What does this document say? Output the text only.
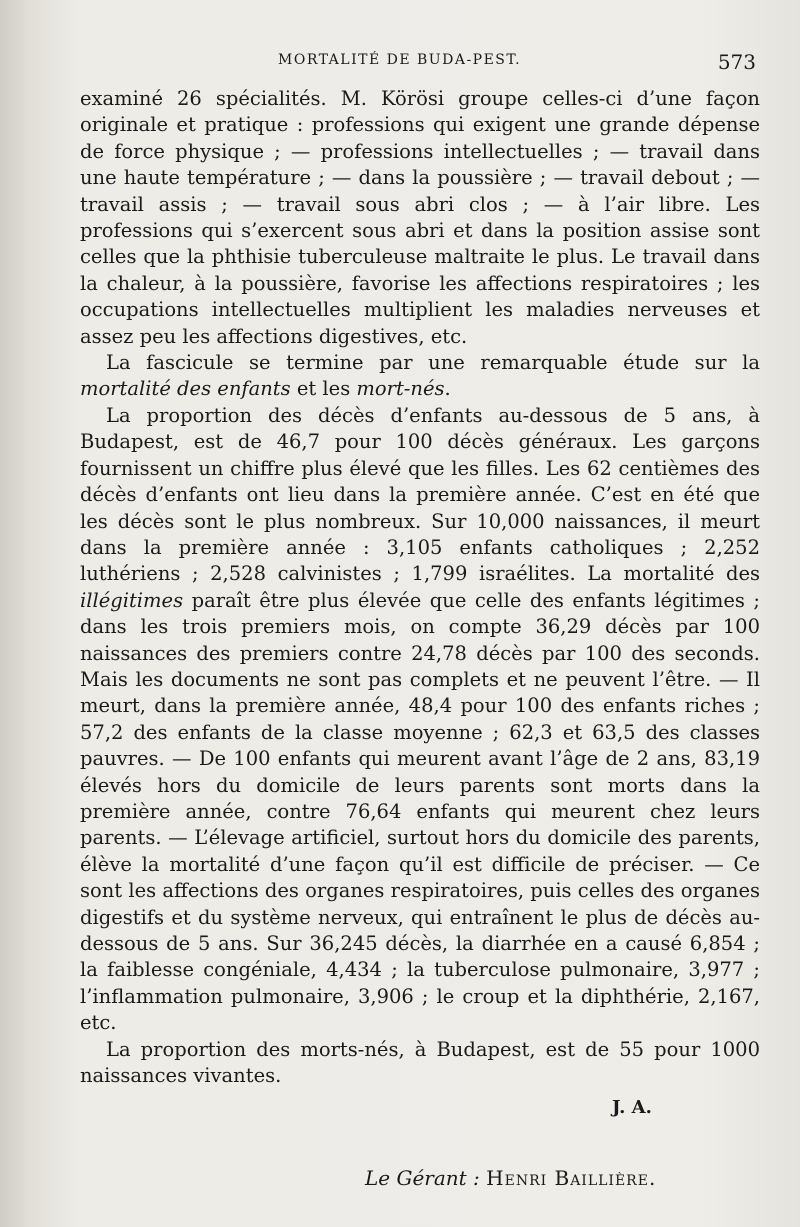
MORTALITÉ DE BUDA-PEST.	573

examiné 26 spécialités. M. Körösi groupe celles-ci d’une façon originale et pratique : professions qui exigent une grande dépense de force physique ; — professions intellectuelles ; — travail dans une haute température ; — dans la poussière ; — travail debout ; — travail assis ; — travail sous abri clos ; — à l’air libre. Les professions qui s’exercent sous abri et dans la position assise sont celles que la phthisie tuberculeuse maltraite le plus. Le travail dans la chaleur, à la poussière, favorise les affections respiratoires ; les occupations intellectuelles multiplient les maladies nerveuses et assez peu les affections digestives, etc.

La fascicule se termine par une remarquable étude sur la mortalité des enfants et les mort-nés.

La proportion des décès d’enfants au-dessous de 5 ans, à Budapest, est de 46,7 pour 100 décès généraux. Les garçons fournissent un chiffre plus élevé que les filles. Les 62 centièmes des décès d’enfants ont lieu dans la première année. C’est en été que les décès sont le plus nombreux. Sur 10,000 naissances, il meurt dans la première année : 3,105 enfants catholiques ; 2,252 luthériens ; 2,528 calvinistes ; 1,799 israélites. La mortalité des illégitimes paraît être plus élevée que celle des enfants légitimes ; dans les trois premiers mois, on compte 36,29 décès par 100 naissances des premiers contre 24,78 décès par 100 des seconds. Mais les documents ne sont pas complets et ne peuvent l’être. — Il meurt, dans la première année, 48,4 pour 100 des enfants riches ; 57,2 des enfants de la classe moyenne ; 62,3 et 63,5 des classes pauvres. — De 100 enfants qui meurent avant l’âge de 2 ans, 83,19 élevés hors du domicile de leurs parents sont morts dans la première année, contre 76,64 enfants qui meurent chez leurs parents. — L’élevage artificiel, surtout hors du domicile des parents, élève la mortalité d’une façon qu’il est difficile de préciser. — Ce sont les affections des organes respiratoires, puis celles des organes digestifs et du système nerveux, qui entraînent le plus de décès au-dessous de 5 ans. Sur 36,245 décès, la diarrhée en a causé 6,854 ; la faiblesse congéniale, 4,434 ; la tuberculose pulmonaire, 3,977 ; l’inflammation pulmonaire, 3,906 ; le croup et la diphthérie, 2,167, etc.

La proportion des morts-nés, à Budapest, est de 55 pour 1000 naissances vivantes.

J. A.
Le Gérant : Henri Baillière.
